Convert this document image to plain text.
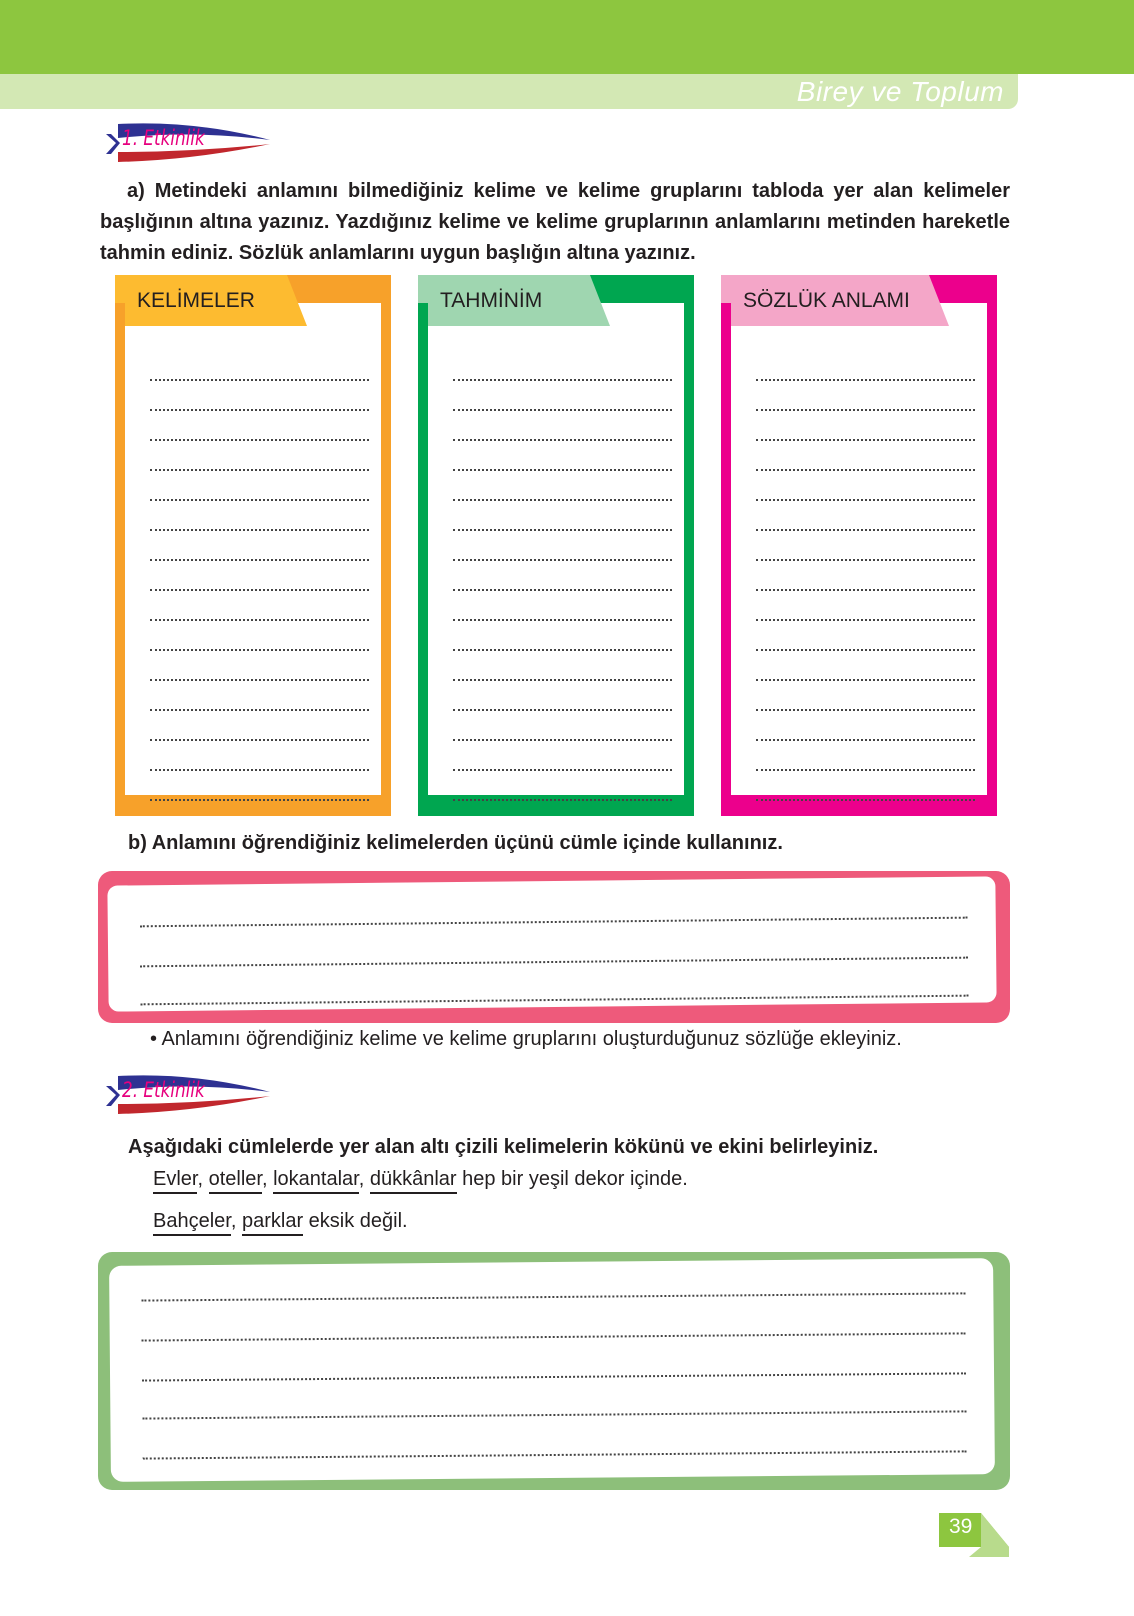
Birey ve Toplum
1. Etkinlik

a) Metindeki anlamını bilmediğiniz kelime ve kelime gruplarını tabloda yer alan kelimeler başlığının altına yazınız. Yazdığınız kelime ve kelime gruplarının anlamlarını metinden hareketle tahmin ediniz. Sözlük anlamlarını uygun başlığın altına yazınız.

KELİMELER	TAHMİNİM	SÖZLÜK ANLAMI

b) Anlamını öğrendiğiniz kelimelerden üçünü cümle içinde kullanınız.

• Anlamını öğrendiğiniz kelime ve kelime gruplarını oluşturduğunuz sözlüğe ekleyiniz.
2. Etkinlik

Aşağıdaki cümlelerde yer alan altı çizili kelimelerin kökünü ve ekini belirleyiniz.

Evler, oteller, lokantalar, dükkânlar hep bir yeşil dekor içinde.
Bahçeler, parklar eksik değil.
39
